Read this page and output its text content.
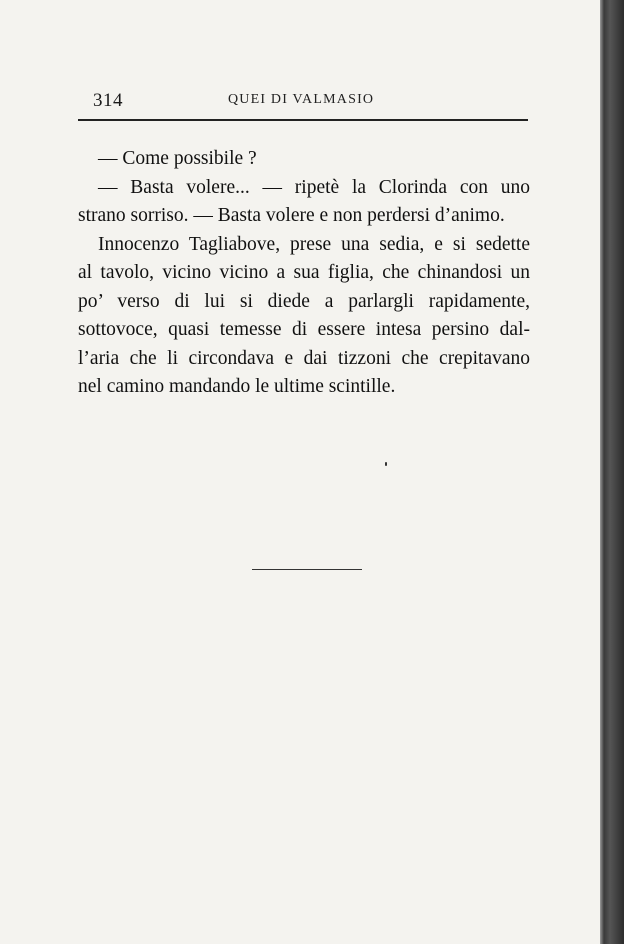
314	QUEI DI VALMASIO
— Come possibile ?
— Basta volere... — ripetè la Clorinda con uno
strano sorriso. — Basta volere e non perdersi d’animo.
Innocenzo Tagliabove, prese una sedia, e si sedette
al tavolo, vicino vicino a sua figlia, che chinandosi un
po’ verso di lui si diede a parlargli rapidamente,
sottovoce, quasi temesse di essere intesa persino dal-
l’aria che li circondava e dai tizzoni che crepitavano
nel camino mandando le ultime scintille.
